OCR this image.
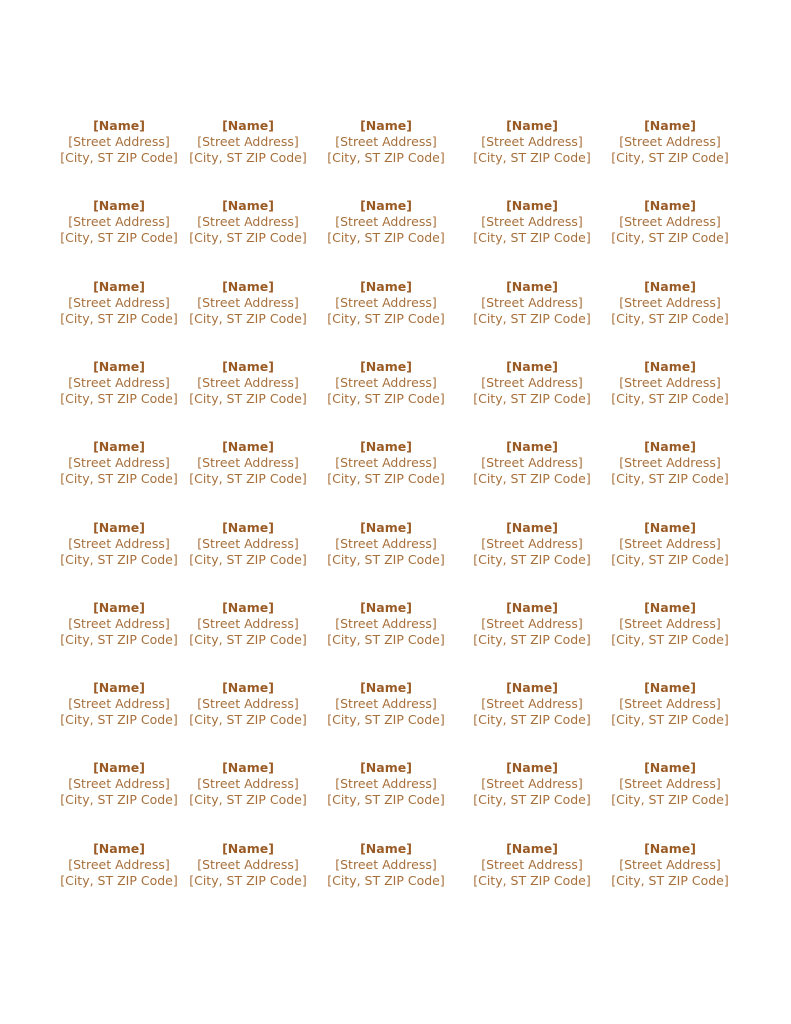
[Name]
[Street Address]
[City, ST ZIP Code]
[Name]
[Street Address]
[City, ST ZIP Code]
[Name]
[Street Address]
[City, ST ZIP Code]
[Name]
[Street Address]
[City, ST ZIP Code]
[Name]
[Street Address]
[City, ST ZIP Code]
[Name]
[Street Address]
[City, ST ZIP Code]
[Name]
[Street Address]
[City, ST ZIP Code]
[Name]
[Street Address]
[City, ST ZIP Code]
[Name]
[Street Address]
[City, ST ZIP Code]
[Name]
[Street Address]
[City, ST ZIP Code]
[Name]
[Street Address]
[City, ST ZIP Code]
[Name]
[Street Address]
[City, ST ZIP Code]
[Name]
[Street Address]
[City, ST ZIP Code]
[Name]
[Street Address]
[City, ST ZIP Code]
[Name]
[Street Address]
[City, ST ZIP Code]
[Name]
[Street Address]
[City, ST ZIP Code]
[Name]
[Street Address]
[City, ST ZIP Code]
[Name]
[Street Address]
[City, ST ZIP Code]
[Name]
[Street Address]
[City, ST ZIP Code]
[Name]
[Street Address]
[City, ST ZIP Code]
[Name]
[Street Address]
[City, ST ZIP Code]
[Name]
[Street Address]
[City, ST ZIP Code]
[Name]
[Street Address]
[City, ST ZIP Code]
[Name]
[Street Address]
[City, ST ZIP Code]
[Name]
[Street Address]
[City, ST ZIP Code]
[Name]
[Street Address]
[City, ST ZIP Code]
[Name]
[Street Address]
[City, ST ZIP Code]
[Name]
[Street Address]
[City, ST ZIP Code]
[Name]
[Street Address]
[City, ST ZIP Code]
[Name]
[Street Address]
[City, ST ZIP Code]
[Name]
[Street Address]
[City, ST ZIP Code]
[Name]
[Street Address]
[City, ST ZIP Code]
[Name]
[Street Address]
[City, ST ZIP Code]
[Name]
[Street Address]
[City, ST ZIP Code]
[Name]
[Street Address]
[City, ST ZIP Code]
[Name]
[Street Address]
[City, ST ZIP Code]
[Name]
[Street Address]
[City, ST ZIP Code]
[Name]
[Street Address]
[City, ST ZIP Code]
[Name]
[Street Address]
[City, ST ZIP Code]
[Name]
[Street Address]
[City, ST ZIP Code]
[Name]
[Street Address]
[City, ST ZIP Code]
[Name]
[Street Address]
[City, ST ZIP Code]
[Name]
[Street Address]
[City, ST ZIP Code]
[Name]
[Street Address]
[City, ST ZIP Code]
[Name]
[Street Address]
[City, ST ZIP Code]
[Name]
[Street Address]
[City, ST ZIP Code]
[Name]
[Street Address]
[City, ST ZIP Code]
[Name]
[Street Address]
[City, ST ZIP Code]
[Name]
[Street Address]
[City, ST ZIP Code]
[Name]
[Street Address]
[City, ST ZIP Code]
